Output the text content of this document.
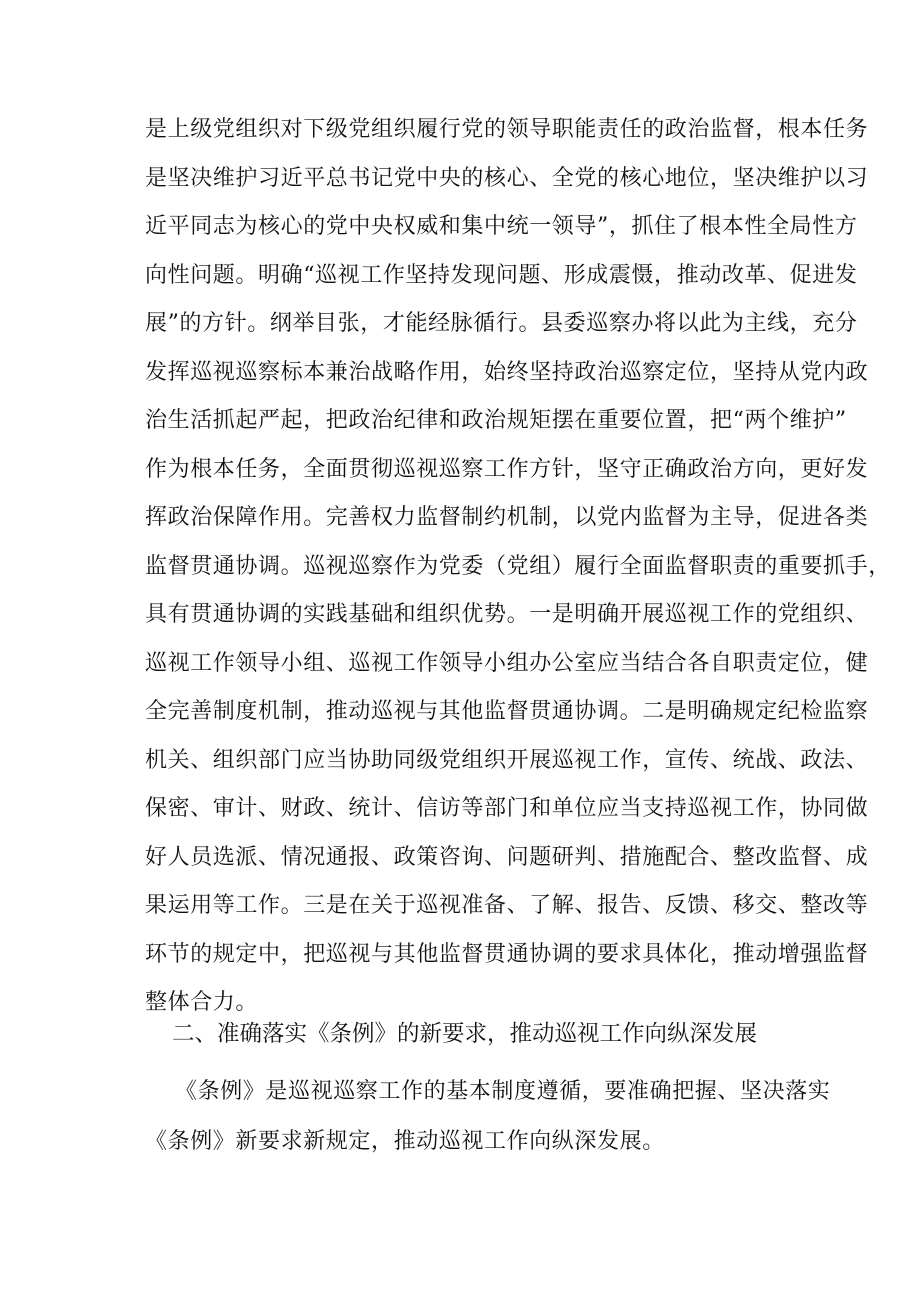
是上级党组织对下级党组织履行党的领导职能责任的政治监督，根本任务
是坚决维护习近平总书记党中央的核心、全党的核心地位，坚决维护以习
近平同志为核心的党中央权威和集中统一领导”，抓住了根本性全局性方
向性问题。明确“巡视工作坚持发现问题、形成震慑，推动改革、促进发
展”的方针。纲举目张，才能经脉循行。县委巡察办将以此为主线，充分
发挥巡视巡察标本兼治战略作用，始终坚持政治巡察定位，坚持从党内政
治生活抓起严起，把政治纪律和政治规矩摆在重要位置，把“两个维护”
作为根本任务，全面贯彻巡视巡察工作方针，坚守正确政治方向，更好发
挥政治保障作用。完善权力监督制约机制，以党内监督为主导，促进各类
监督贯通协调。巡视巡察作为党委（党组）履行全面监督职责的重要抓手，
具有贯通协调的实践基础和组织优势。一是明确开展巡视工作的党组织、
巡视工作领导小组、巡视工作领导小组办公室应当结合各自职责定位，健
全完善制度机制，推动巡视与其他监督贯通协调。二是明确规定纪检监察
机关、组织部门应当协助同级党组织开展巡视工作，宣传、统战、政法、
保密、审计、财政、统计、信访等部门和单位应当支持巡视工作，协同做
好人员选派、情况通报、政策咨询、问题研判、措施配合、整改监督、成
果运用等工作。三是在关于巡视准备、了解、报告、反馈、移交、整改等
环节的规定中，把巡视与其他监督贯通协调的要求具体化，推动增强监督
整体合力。
二、准确落实《条例》的新要求，推动巡视工作向纵深发展
《条例》是巡视巡察工作的基本制度遵循，要准确把握、坚决落实
《条例》新要求新规定，推动巡视工作向纵深发展。
